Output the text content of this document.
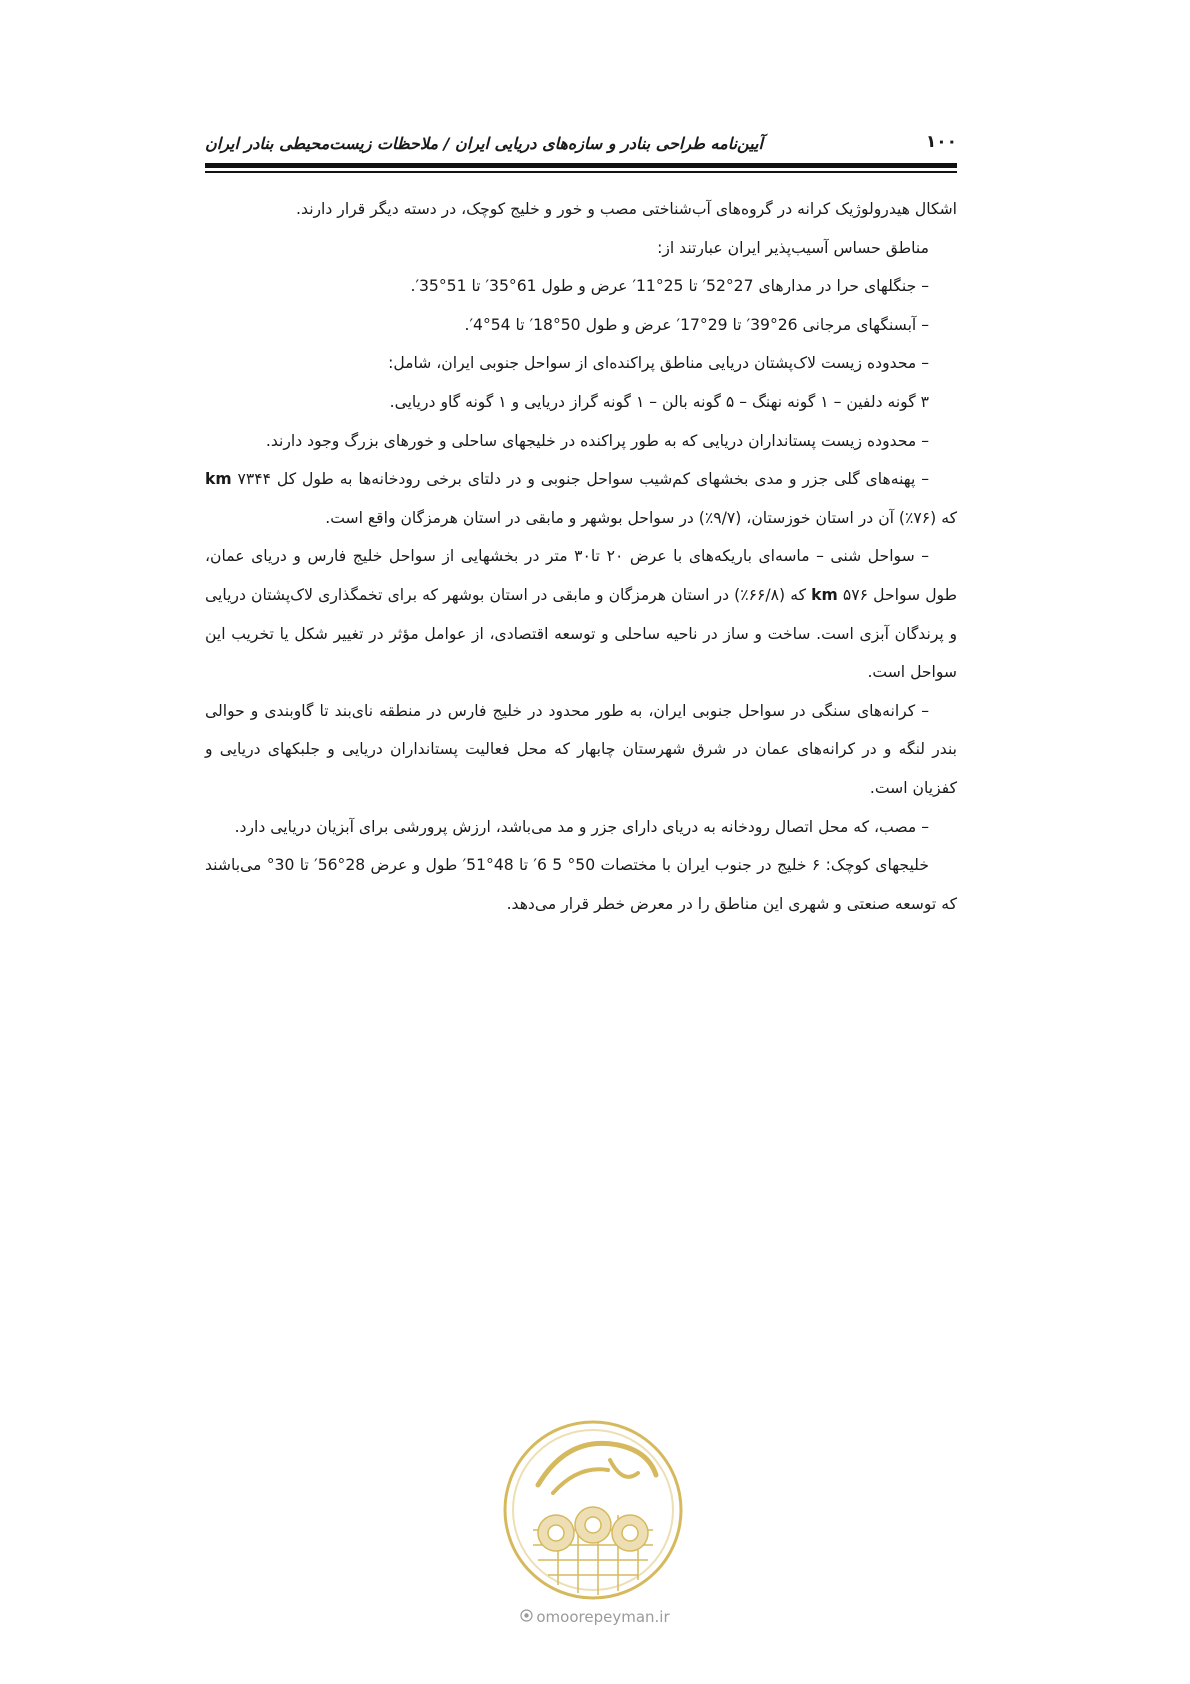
۱۰۰
آیین‌نامه طراحی بنادر و سازه‌های دریایی ایران / ملاحظات زیست‌محیطی بنادر ایران

اشکال هیدرولوژیک کرانه در گروه‌های آب‌شناختی مصب و خور و خلیج کوچک، در دسته دیگر قرار دارند.

مناطق حساس آسیب‌پذیر ایران عبارتند از:

– جنگلهای حرا در مدارهای 27°52′ تا 25°11′ عرض و طول 61°35′ تا 51°35′.

– آبسنگهای مرجانی 26°39′ تا 29°17′ عرض و طول 50°18′ تا 54°4′.

– محدوده زیست لاک‌پشتان دریایی مناطق پراکنده‌ای از سواحل جنوبی ایران، شامل:

۳ گونه دلفین – ۱ گونه نهنگ – ۵ گونه بالن – ۱ گونه گراز دریایی و ۱ گونه گاو دریایی.

– محدوده زیست پستانداران دریایی که به طور پراکنده در خلیجهای ساحلی و خورهای بزرگ وجود دارند.

– پهنه‌های گلی جزر و مدی بخشهای کم‌شیب سواحل جنوبی و در دلتای برخی رودخانه‌ها به طول کل km ۷۳۴۴ که (۷۶٪) آن در استان خوزستان، (۹/۷٪) در سواحل بوشهر و مابقی در استان هرمزگان واقع است.

– سواحل شنی – ماسه‌ای باریکه‌های با عرض ۲۰ تا۳۰ متر در بخشهایی از سواحل خلیج فارس و دریای عمان، طول سواحل km ۵۷۶ که (۶۶/۸٪) در استان هرمزگان و مابقی در استان بوشهر که برای تخمگذاری لاک‌پشتان دریایی و پرندگان آبزی است. ساخت و ساز در ناحیه ساحلی و توسعه اقتصادی، از عوامل مؤثر در تغییر شکل یا تخریب این سواحل است.

– کرانه‌های سنگی در سواحل جنوبی ایران، به طور محدود در خلیج فارس در منطقه نای‌بند تا گاوبندی و حوالی بندر لنگه و در کرانه‌های عمان در شرق شهرستان چابهار که محل فعالیت پستانداران دریایی و جلبکهای دریایی و کفزیان است.

– مصب، که محل اتصال رودخانه به دریای دارای جزر و مد می‌باشد، ارزش پرورشی برای آبزیان دریایی دارد.

خلیجهای کوچک: ۶ خلیج در جنوب ایران با مختصات 50° 5 6′ تا 48°51′ طول و عرض 28°56′ تا 30° می‌باشند که توسعه صنعتی و شهری این مناطق را در معرض خطر قرار می‌دهد.

omoorepeyman.ir
